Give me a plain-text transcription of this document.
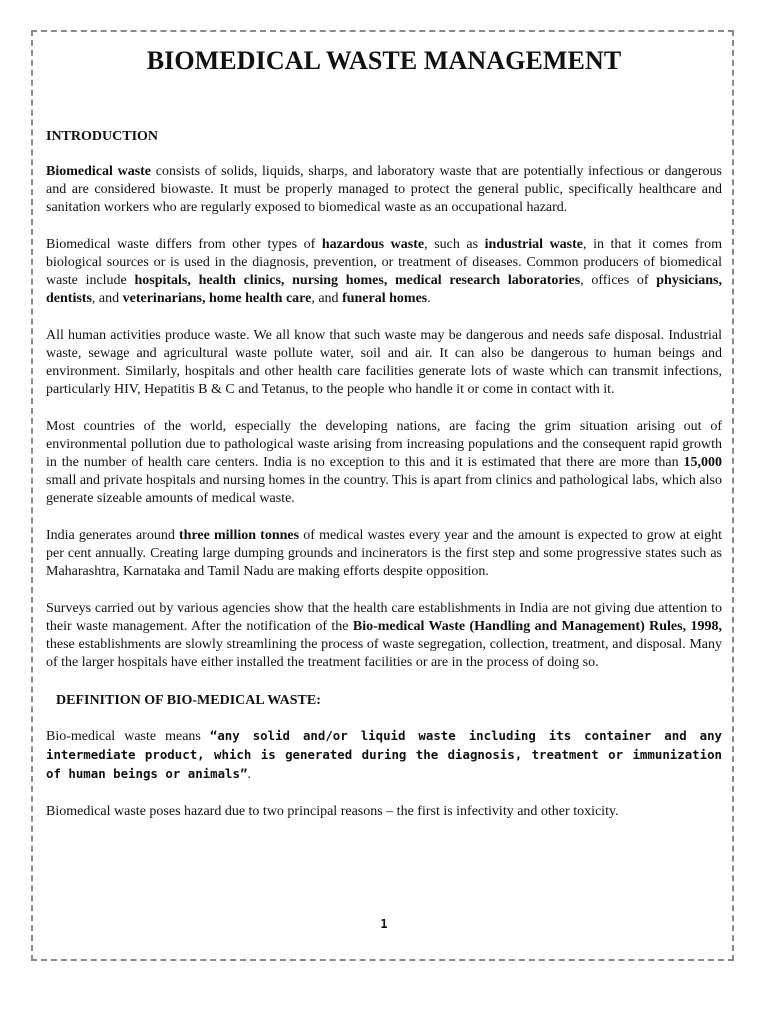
BIOMEDICAL WASTE MANAGEMENT
INTRODUCTION

Biomedical waste consists of solids, liquids, sharps, and laboratory waste that are potentially infectious or dangerous and are considered biowaste. It must be properly managed to protect the general public, specifically healthcare and sanitation workers who are regularly exposed to biomedical waste as an occupational hazard.

Biomedical waste differs from other types of hazardous waste, such as industrial waste, in that it comes from biological sources or is used in the diagnosis, prevention, or treatment of diseases. Common producers of biomedical waste include hospitals, health clinics, nursing homes, medical research laboratories, offices of physicians, dentists, and veterinarians, home health care, and funeral homes.

All human activities produce waste. We all know that such waste may be dangerous and needs safe disposal. Industrial waste, sewage and agricultural waste pollute water, soil and air. It can also be dangerous to human beings and environment. Similarly, hospitals and other health care facilities generate lots of waste which can transmit infections, particularly HIV, Hepatitis B & C and Tetanus, to the people who handle it or come in contact with it.

Most countries of the world, especially the developing nations, are facing the grim situation arising out of environmental pollution due to pathological waste arising from increasing populations and the consequent rapid growth in the number of health care centers. India is no exception to this and it is estimated that there are more than 15,000 small and private hospitals and nursing homes in the country. This is apart from clinics and pathological labs, which also generate sizeable amounts of medical waste.

India generates around three million tonnes of medical wastes every year and the amount is expected to grow at eight per cent annually. Creating large dumping grounds and incinerators is the first step and some progressive states such as Maharashtra, Karnataka and Tamil Nadu are making efforts despite opposition.

Surveys carried out by various agencies show that the health care establishments in India are not giving due attention to their waste management. After the notification of the Bio-medical Waste (Handling and Management) Rules, 1998, these establishments are slowly streamlining the process of waste segregation, collection, treatment, and disposal. Many of the larger hospitals have either installed the treatment facilities or are in the process of doing so.

DEFINITION OF BIO-MEDICAL WASTE:

Bio-medical waste means “any solid and/or liquid waste including its container and any intermediate product, which is generated during the diagnosis, treatment or immunization of human beings or animals”.

Biomedical waste poses hazard due to two principal reasons – the first is infectivity and other toxicity.

1
